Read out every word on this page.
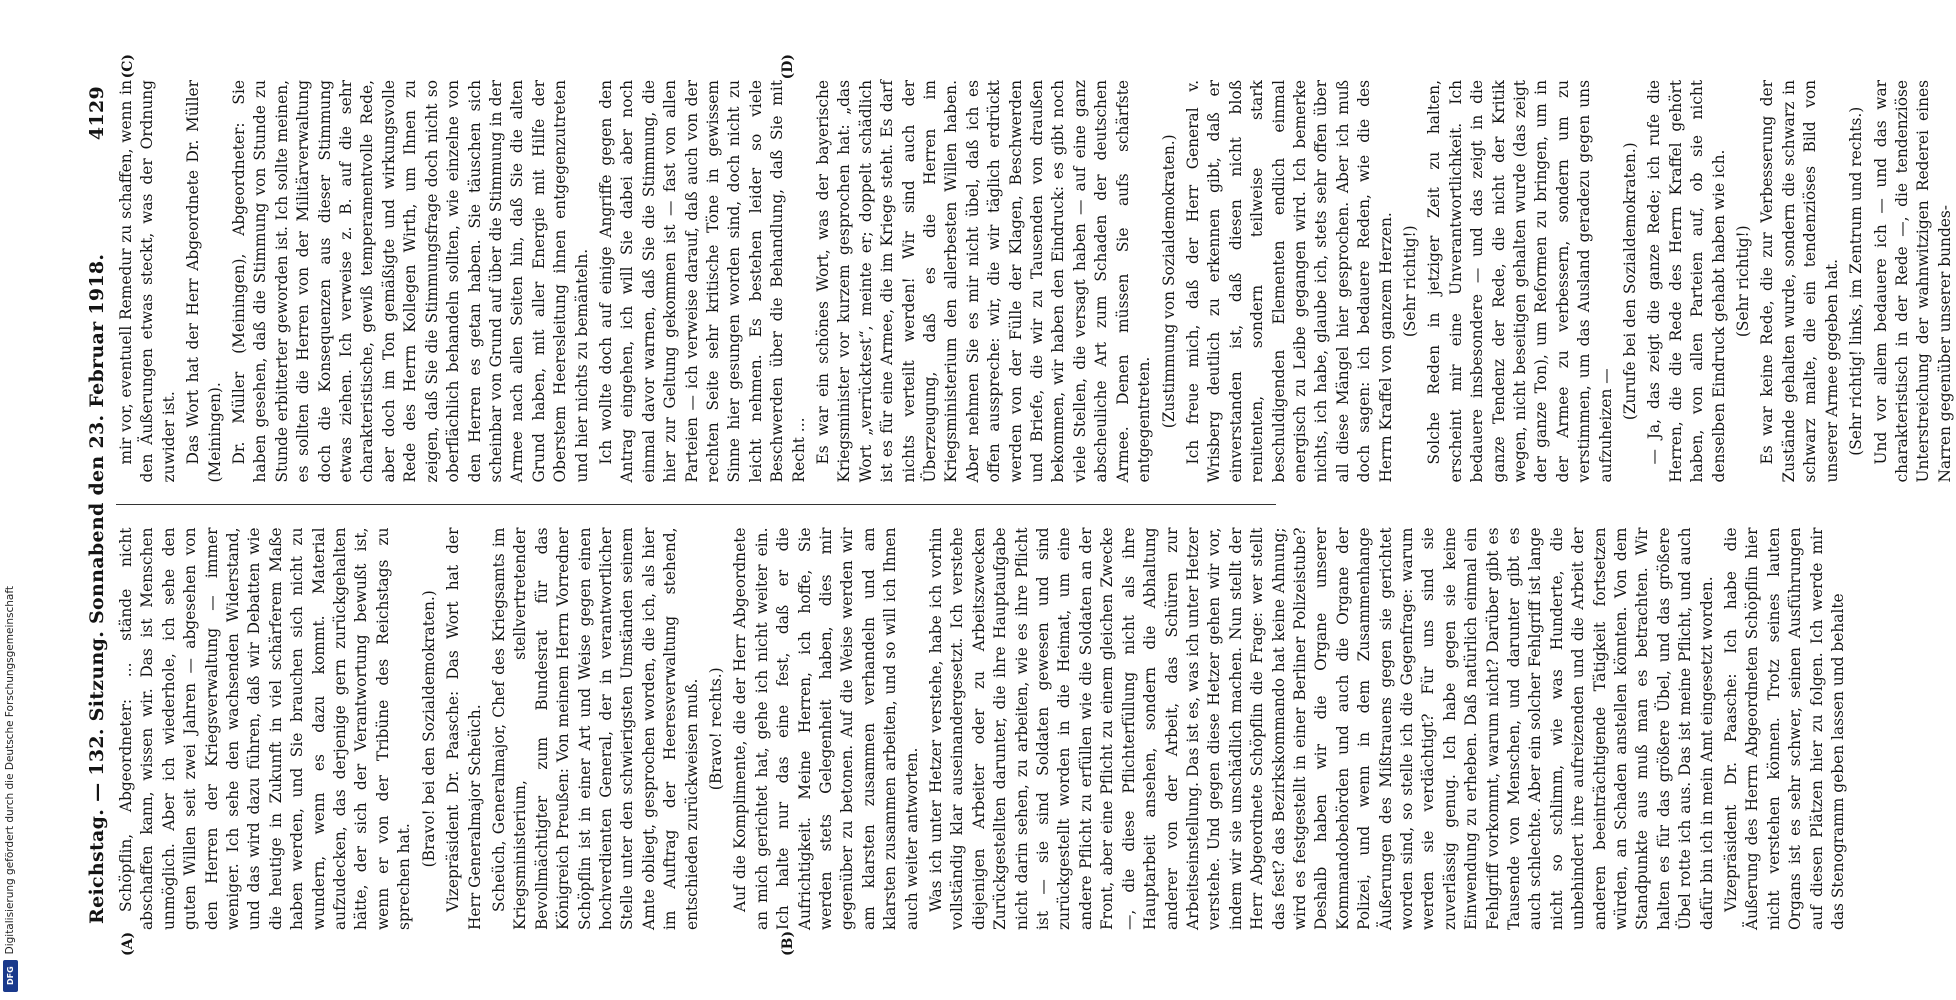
DFG
Digitalisierung gefördert durch die Deutsche Forschungsgemeinschaft	Reichstag. — 132. Sitzung. Sonnabend den 23. Februar 1918.
4129

Schöpflin, Abgeordneter: ... stände nicht abschaffen kann, wissen wir. Das ist Menschen unmöglich. Aber ich wiederhole, ich sehe den guten Willen seit zwei Jahren — abgesehen von den Herren der Kriegsverwaltung — immer weniger. Ich sehe den wachsenden Widerstand, und das wird dazu führen, daß wir Debatten wie die heutige in Zukunft in viel schärferem Maße haben werden, und Sie brauchen sich nicht zu wundern, wenn es dazu kommt. Material aufzudecken, das derjenige gern zurückgehalten hätte, der sich der Verantwortung bewußt ist, wenn er von der Tribüne des Reichstags zu sprechen hat.

(Bravo! bei den Sozialdemokraten.) Vizepräsident Dr. Paasche: Das Wort hat der Herr Generalmajor Scheüch. Scheüch, Generalmajor, Chef des Kriegsamts im Kriegsministerium, stellvertretender Bevollmächtigter zum Bundesrat für das Königreich Preußen: Von meinem Herrn Vorredner Schöpflin ist in einer Art und Weise gegen einen hochverdienten General, der in verantwortlicher Stelle unter den schwierigsten Umständen seinem Amte obliegt, gesprochen worden, die ich, als hier im Auftrag der Heeresverwaltung stehend, entschieden zurückweisen muß. (Bravo! rechts.) Auf die Komplimente, die der Herr Abgeordnete an mich gerichtet hat, gehe ich nicht weiter ein. Ich halte nur das eine fest, daß er die Aufrichtigkeit. Meine Herren, ich hoffe, Sie werden stets Gelegenheit haben, dies mir gegenüber zu betonen. Auf die Weise werden wir am klarsten zusammen verhandeln und am klarsten zusammen arbeiten, und so will ich Ihnen auch weiter antworten. Was ich unter Hetzer verstehe, habe ich vorhin vollständig klar auseinandergesetzt. Ich verstehe diejenigen Arbeiter oder zu Arbeitszwecken Zurückgestellten darunter, die ihre Hauptaufgabe nicht darin sehen, zu arbeiten, wie es ihre Pflicht ist — sie sind Soldaten gewesen und sind zurückgestellt worden in die Heimat, um eine andere Pflicht zu erfüllen wie die Soldaten an der Front, aber eine Pflicht zu einem gleichen Zwecke —, die diese Pflichterfüllung nicht als ihre Hauptarbeit ansehen, sondern die Abhaltung anderer von der Arbeit, das Schüren zur Arbeitseinstellung. Das ist es, was ich unter Hetzer verstehe. Und gegen diese Hetzer gehen wir vor, indem wir sie unschädlich machen. Nun stellt der Herr Abgeordnete Schöpflin die Frage: wer stellt das fest? das Bezirkskommando hat keine Ahnung; wird es festgestellt in einer Berliner Polizeistube? Deshalb haben wir die Organe unserer Kommandobehörden und auch die Organe der Polizei, und wenn in dem Zusammenhange Äußerungen des Mißtrauens gegen sie gerichtet worden sind, so stelle ich die Gegenfrage: warum werden sie verdächtigt? Für uns sind sie zuverlässig genug. Ich habe gegen sie keine Einwendung zu erheben. Daß natürlich einmal ein Fehlgriff vorkommt, warum nicht? Darüber gibt es Tausende von Menschen, und darunter gibt es auch schlechte. Aber ein solcher Fehlgriff ist lange nicht so schlimm, wie was Hunderte, die unbehindert ihre aufreizenden und die Arbeit der anderen beeinträchtigende Tätigkeit fortsetzen würden, an Schaden anstellen könnten. Von dem Standpunkte aus muß man es betrachten. Wir halten es für das größere Übel, und das größere Übel rotte ich aus. Das ist meine Pflicht, und auch dafür bin ich in mein Amt eingesetzt worden. Vizepräsident Dr. Paasche: Ich habe die Äußerung des Herrn Abgeordneten Schöpflin hier nicht verstehen können. Trotz seines lauten Organs ist es sehr schwer, seinen Ausführungen auf diesen Plätzen hier zu folgen. Ich werde mir das Stenogramm geben lassen und behalte

mir vor, eventuell Remedur zu schaffen, wenn in den Äußerungen etwas steckt, was der Ordnung zuwider ist. Das Wort hat der Herr Abgeordnete Dr. Müller (Meiningen). Dr. Müller (Meiningen), Abgeordneter: Sie haben gesehen, daß die Stimmung von Stunde zu Stunde erbitterter geworden ist. Ich sollte meinen, es sollten die Herren von der Militärverwaltung doch die Konsequenzen aus dieser Stimmung etwas ziehen. Ich verweise z. B. auf die sehr charakteristische, gewiß temperamentvolle Rede, aber doch im Ton gemäßigte und wirkungsvolle Rede des Herrn Kollegen Wirth, um Ihnen zu zeigen, daß Sie die Stimmungsfrage doch nicht so oberflächlich behandeln sollten, wie einzelne von den Herren es getan haben. Sie täuschen sich scheinbar von Grund auf über die Stimmung in der Armee nach allen Seiten hin, daß Sie die alten Grund haben, mit aller Energie mit Hilfe der Oberstem Heeresleitung ihnen entgegenzutreten und hier nichts zu bemänteln. Ich wollte doch auf einige Angriffe gegen den Antrag eingehen, ich will Sie dabei aber noch einmal davor warnen, daß Sie die Stimmung, die hier zur Geltung gekommen ist — fast von allen Parteien — ich verweise darauf, daß auch von der rechten Seite sehr kritische Töne in gewissem Sinne hier gesungen worden sind, doch nicht zu leicht nehmen. Es bestehen leider so viele Beschwerden über die Behandlung, daß Sie mit Recht ... Es war ein schönes Wort, was der bayerische Kriegsminister vor kurzem gesprochen hat: „das Wort „verrücktest“, meinte er; doppelt schädlich ist es für eine Armee, die im Kriege steht. Es darf nichts verteilt werden! Wir sind auch der Überzeugung, daß es die Herren im Kriegsministerium den allerbesten Willen haben. Aber nehmen Sie es mir nicht übel, daß ich es offen ausspreche: wir, die wir täglich erdrückt werden von der Fülle der Klagen, Beschwerden und Briefe, die wir zu Tausenden von draußen bekommen, wir haben den Eindruck: es gibt noch viele Stellen, die versagt haben — auf eine ganz abscheuliche Art zum Schaden der deutschen Armee. Denen müssen Sie aufs schärfste entgegentreten. (Zustimmung von Sozialdemokraten.) Ich freue mich, daß der Herr General v. Wrisberg deutlich zu erkennen gibt, daß er einverstanden ist, daß diesen nicht bloß renitenten, sondern teilweise stark beschuldigenden Elementen endlich einmal energisch zu Leibe gegangen wird. Ich bemerke nichts, ich habe, glaube ich, stets sehr offen über all diese Mängel hier gesprochen. Aber ich muß doch sagen: ich bedauere Reden, wie die des Herrn Kraffel von ganzem Herzen. (Sehr richtig!) Solche Reden in jetziger Zeit zu halten, erscheint mir eine Unverantwortlichkeit. Ich bedauere insbesondere — und das zeigt in die ganze Tendenz der Rede, die nicht der Kritik wegen, nicht beseitigen gehalten wurde (das zeigt der ganze Ton), um Reformen zu bringen, um in der Armee zu verbessern, sondern um zu verstimmen, um das Ausland geradezu gegen uns aufzuheizen —

(Zurufe bei den Sozialdemokraten.) — Ja, das zeigt die ganze Rede; ich rufe die Herren, die die Rede des Herrn Kraffel gehört haben, von allen Parteien auf, ob sie nicht denselben Eindruck gehabt haben wie ich. (Sehr richtig!) Es war keine Rede, die zur Verbesserung der Zustände gehalten wurde, sondern die schwarz in schwarz malte, die ein tendenziöses Bild von unserer Armee gegeben hat. (Sehr richtig! links, im Zentrum und rechts.) Und vor allem bedauere ich — und das war charakteristisch in der Rede —, die tendenziöse Unterstreichung der wahnwitzigen Rederei eines Narren gegenüber unserer bundes-

(A)	(B)
(C)	(D)
